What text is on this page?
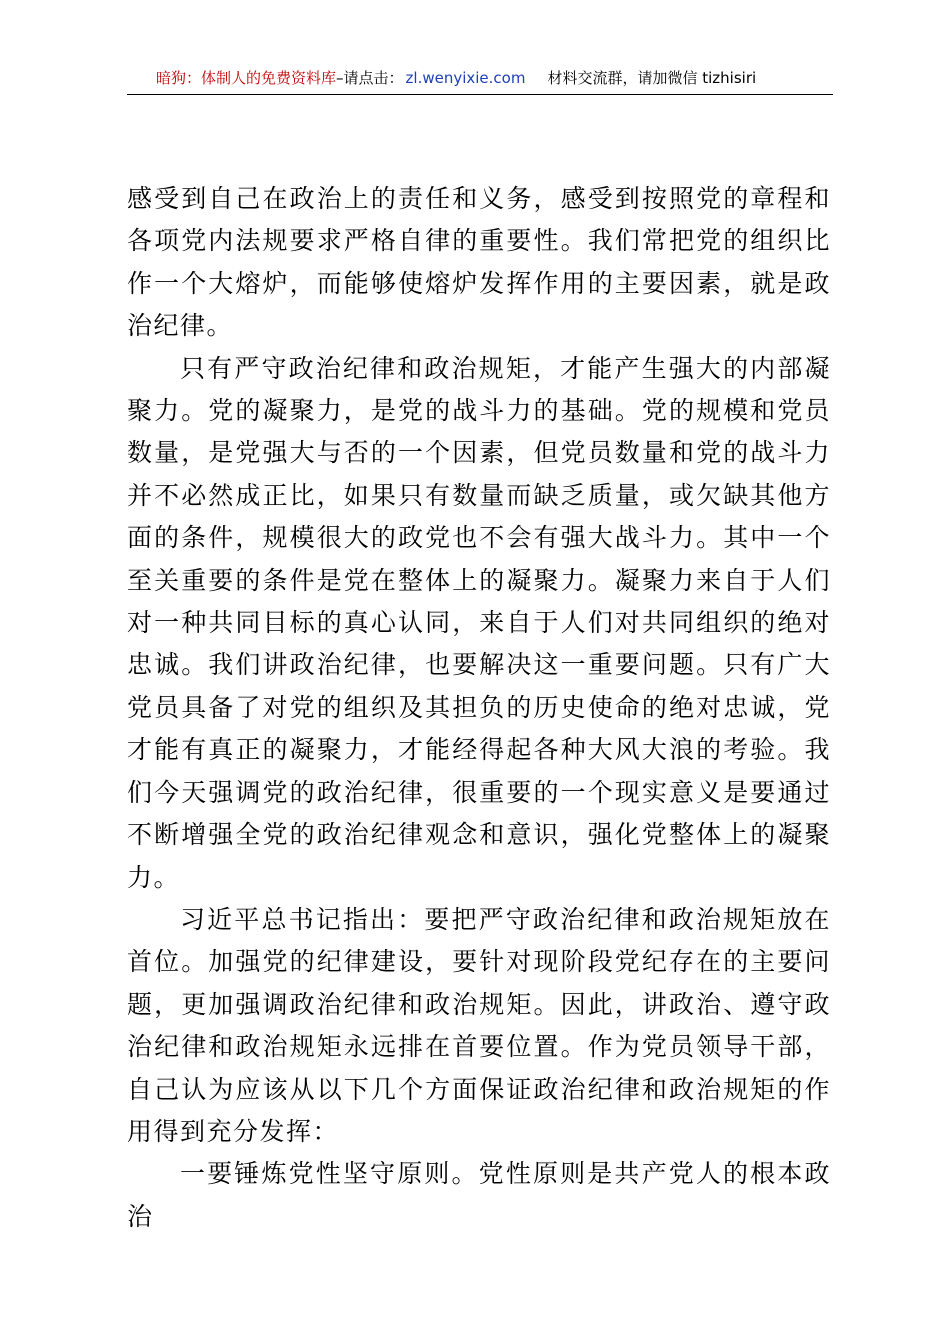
暗狗：体制人的免费资料库 –请点击： zl.wenyixie.com 材料交流群，请加微信 tizhisiri

感受到自己在政治上的责任和义务，感受到按照党的章程和各项党内法规要求严格自律的重要性。我们常把党的组织比作一个大熔炉，而能够使熔炉发挥作用的主要因素，就是政治纪律。

只有严守政治纪律和政治规矩，才能产生强大的内部凝聚力。党的凝聚力，是党的战斗力的基础。党的规模和党员数量，是党强大与否的一个因素，但党员数量和党的战斗力并不必然成正比，如果只有数量而缺乏质量，或欠缺其他方面的条件，规模很大的政党也不会有强大战斗力。其中一个至关重要的条件是党在整体上的凝聚力。凝聚力来自于人们对一种共同目标的真心认同，来自于人们对共同组织的绝对忠诚。我们讲政治纪律，也要解决这一重要问题。只有广大党员具备了对党的组织及其担负的历史使命的绝对忠诚，党才能有真正的凝聚力，才能经得起各种大风大浪的考验。我们今天强调党的政治纪律，很重要的一个现实意义是要通过不断增强全党的政治纪律观念和意识，强化党整体上的凝聚力。

习近平总书记指出：要把严守政治纪律和政治规矩放在首位。加强党的纪律建设，要针对现阶段党纪存在的主要问题，更加强调政治纪律和政治规矩。因此，讲政治、遵守政治纪律和政治规矩永远排在首要位置。作为党员领导干部，自己认为应该从以下几个方面保证政治纪律和政治规矩的作用得到充分发挥：

一要锤炼党性坚守原则。党性原则是共产党人的根本政治
